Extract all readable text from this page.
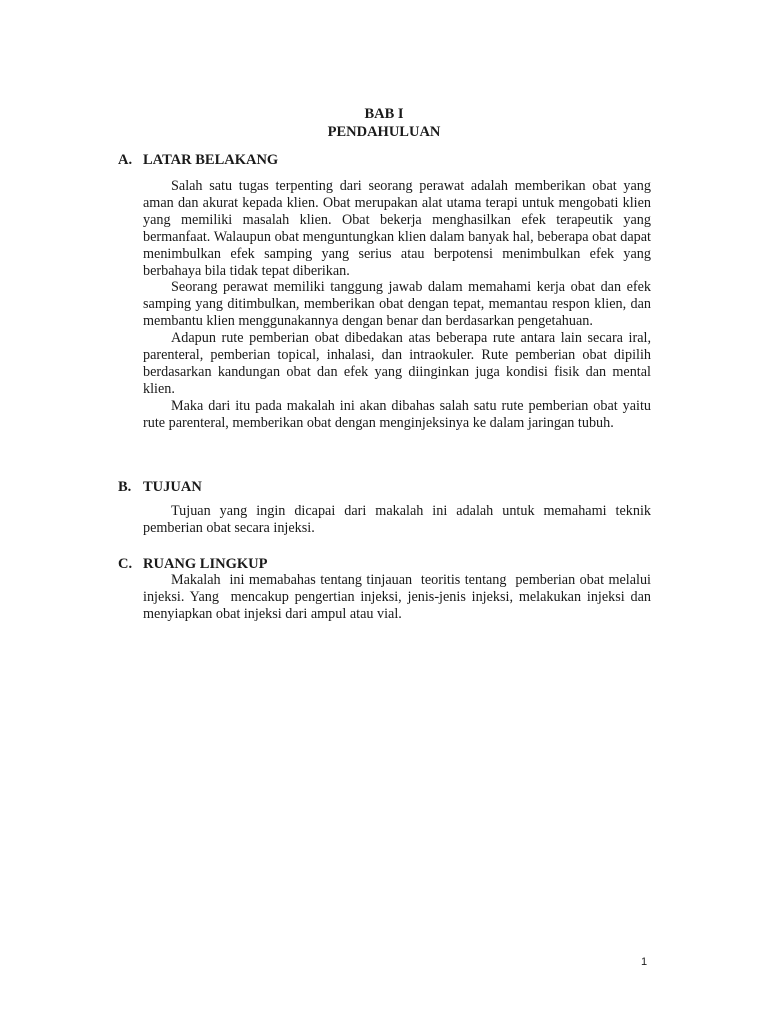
BAB I
PENDAHULUAN
A. LATAR BELAKANG

Salah satu tugas terpenting dari seorang perawat adalah memberikan obat yang aman dan akurat kepada klien. Obat merupakan alat utama terapi untuk mengobati klien yang memiliki masalah klien. Obat bekerja menghasilkan efek terapeutik yang bermanfaat. Walaupun obat menguntungkan klien dalam banyak hal, beberapa obat dapat menimbulkan efek samping yang serius atau berpotensi menimbulkan efek yang berbahaya bila tidak tepat diberikan.

Seorang perawat memiliki tanggung jawab dalam memahami kerja obat dan efek samping yang ditimbulkan, memberikan obat dengan tepat, memantau respon klien, dan membantu klien menggunakannya dengan benar dan berdasarkan pengetahuan.

Adapun rute pemberian obat dibedakan atas beberapa rute antara lain secara iral, parenteral, pemberian topical, inhalasi, dan intraokuler. Rute pemberian obat dipilih berdasarkan kandungan obat dan efek yang diinginkan juga kondisi fisik dan mental klien.

Maka dari itu pada makalah ini akan dibahas salah satu rute pemberian obat yaitu rute parenteral, memberikan obat dengan menginjeksinya ke dalam jaringan tubuh.

B. TUJUAN

Tujuan yang ingin dicapai dari makalah ini adalah untuk memahami teknik pemberian obat secara injeksi.

C. RUANG LINGKUP

Makalah  ini memabahas tentang tinjauan  teoritis tentang  pemberian obat melalui injeksi. Yang  mencakup pengertian injeksi, jenis-jenis injeksi, melakukan injeksi dan menyiapkan obat injeksi dari ampul atau vial.

1
